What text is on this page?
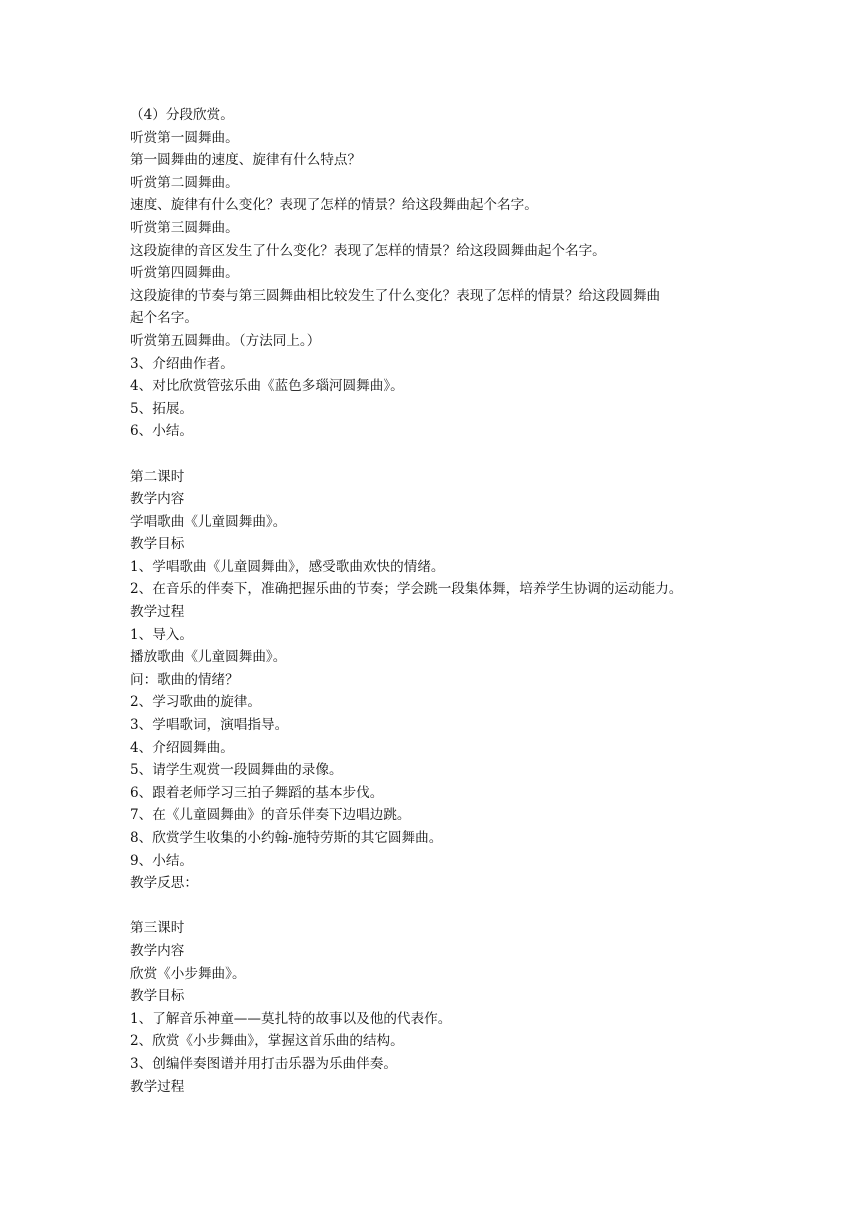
（4）分段欣赏。
听赏第一圆舞曲。
第一圆舞曲的速度、旋律有什么特点？
听赏第二圆舞曲。
速度、旋律有什么变化？表现了怎样的情景？给这段舞曲起个名字。
听赏第三圆舞曲。
这段旋律的音区发生了什么变化？表现了怎样的情景？给这段圆舞曲起个名字。
听赏第四圆舞曲。
这段旋律的节奏与第三圆舞曲相比较发生了什么变化？表现了怎样的情景？给这段圆舞曲
起个名字。
听赏第五圆舞曲。（方法同上。）
3、介绍曲作者。
4、对比欣赏管弦乐曲《蓝色多瑙河圆舞曲》。
5、拓展。
6、小结。
第二课时
教学内容
学唱歌曲《儿童圆舞曲》。
教学目标
1、学唱歌曲《儿童圆舞曲》，感受歌曲欢快的情绪。
2、在音乐的伴奏下，准确把握乐曲的节奏；学会跳一段集体舞，培养学生协调的运动能力。
教学过程
1、导入。
播放歌曲《儿童圆舞曲》。
问：歌曲的情绪？
2、学习歌曲的旋律。
3、学唱歌词，演唱指导。
4、介绍圆舞曲。
5、请学生观赏一段圆舞曲的录像。
6、跟着老师学习三拍子舞蹈的基本步伐。
7、在《儿童圆舞曲》的音乐伴奏下边唱边跳。
8、欣赏学生收集的小约翰-施特劳斯的其它圆舞曲。
9、小结。
教学反思：
第三课时
教学内容
欣赏《小步舞曲》。
教学目标
1、了解音乐神童——莫扎特的故事以及他的代表作。
2、欣赏《小步舞曲》，掌握这首乐曲的结构。
3、创编伴奏图谱并用打击乐器为乐曲伴奏。
教学过程
